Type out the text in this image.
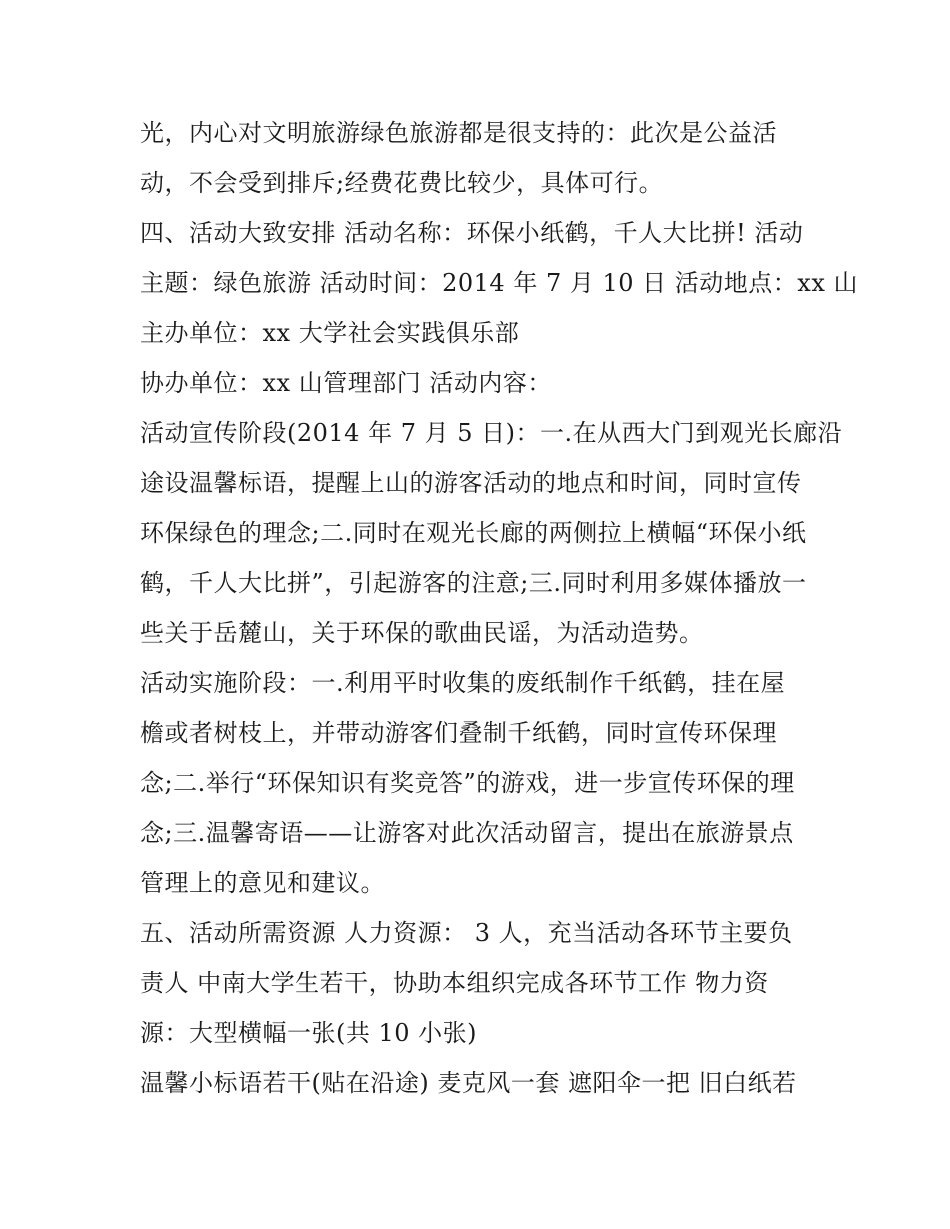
光，内心对文明旅游绿色旅游都是很支持的：此次是公益活
动，不会受到排斥;经费花费比较少，具体可行。
四、活动大致安排 活动名称：环保小纸鹤，千人大比拼! 活动
主题：绿色旅游 活动时间：2014 年 7 月 10 日 活动地点：xx 山
主办单位：xx 大学社会实践俱乐部
协办单位：xx 山管理部门 活动内容：
活动宣传阶段(2014 年 7 月 5 日)：一.在从西大门到观光长廊沿
途设温馨标语，提醒上山的游客活动的地点和时间，同时宣传
环保绿色的理念;二.同时在观光长廊的两侧拉上横幅“环保小纸
鹤，千人大比拼”，引起游客的注意;三.同时利用多媒体播放一
些关于岳麓山，关于环保的歌曲民谣，为活动造势。
活动实施阶段：一.利用平时收集的废纸制作千纸鹤，挂在屋
檐或者树枝上，并带动游客们叠制千纸鹤，同时宣传环保理
念;二.举行“环保知识有奖竞答”的游戏，进一步宣传环保的理
念;三.温馨寄语——让游客对此次活动留言，提出在旅游景点
管理上的意见和建议。
五、活动所需资源 人力资源： 3 人，充当活动各环节主要负
责人 中南大学生若干，协助本组织完成各环节工作 物力资
源：大型横幅一张(共 10 小张)
温馨小标语若干(贴在沿途) 麦克风一套 遮阳伞一把 旧白纸若
